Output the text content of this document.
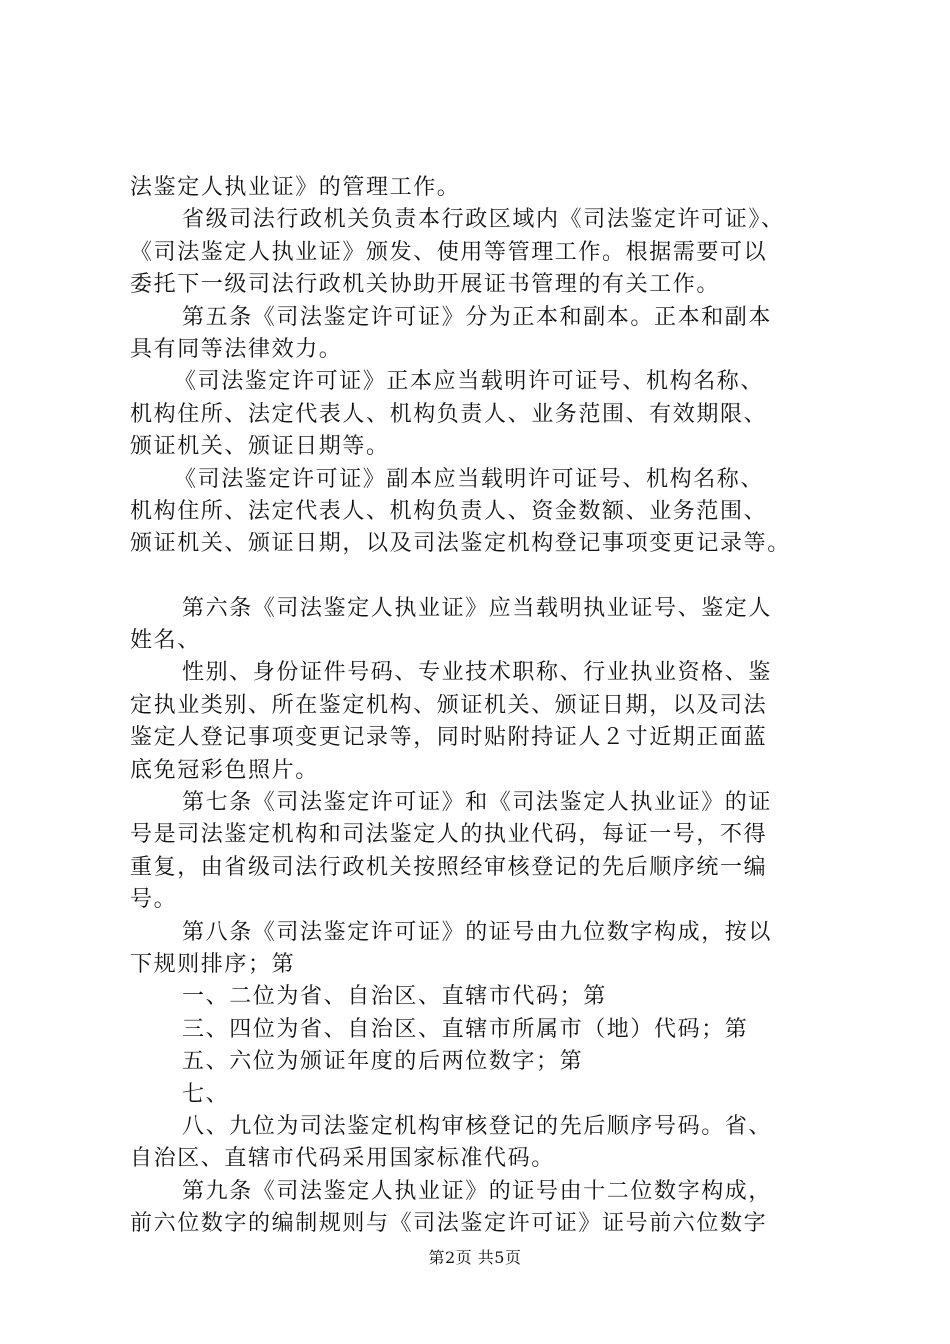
法鉴定人执业证》的管理工作。
省级司法行政机关负责本行政区域内《司法鉴定许可证》、
《司法鉴定人执业证》颁发、使用等管理工作。根据需要可以
委托下一级司法行政机关协助开展证书管理的有关工作。
第五条《司法鉴定许可证》分为正本和副本。正本和副本
具有同等法律效力。
《司法鉴定许可证》正本应当载明许可证号、机构名称、
机构住所、法定代表人、机构负责人、业务范围、有效期限、
颁证机关、颁证日期等。
《司法鉴定许可证》副本应当载明许可证号、机构名称、
机构住所、法定代表人、机构负责人、资金数额、业务范围、
颁证机关、颁证日期，以及司法鉴定机构登记事项变更记录等。
第六条《司法鉴定人执业证》应当载明执业证号、鉴定人
姓名、
性别、身份证件号码、专业技术职称、行业执业资格、鉴
定执业类别、所在鉴定机构、颁证机关、颁证日期，以及司法
鉴定人登记事项变更记录等，同时贴附持证人２寸近期正面蓝
底免冠彩色照片。
第七条《司法鉴定许可证》和《司法鉴定人执业证》的证
号是司法鉴定机构和司法鉴定人的执业代码，每证一号，不得
重复，由省级司法行政机关按照经审核登记的先后顺序统一编
号。
第八条《司法鉴定许可证》的证号由九位数字构成，按以
下规则排序；第
一、二位为省、自治区、直辖市代码；第
三、四位为省、自治区、直辖市所属市（地）代码；第
五、六位为颁证年度的后两位数字；第
七、
八、九位为司法鉴定机构审核登记的先后顺序号码。省、
自治区、直辖市代码采用国家标准代码。
第九条《司法鉴定人执业证》的证号由十二位数字构成，
前六位数字的编制规则与《司法鉴定许可证》证号前六位数字
第2页 共5页
